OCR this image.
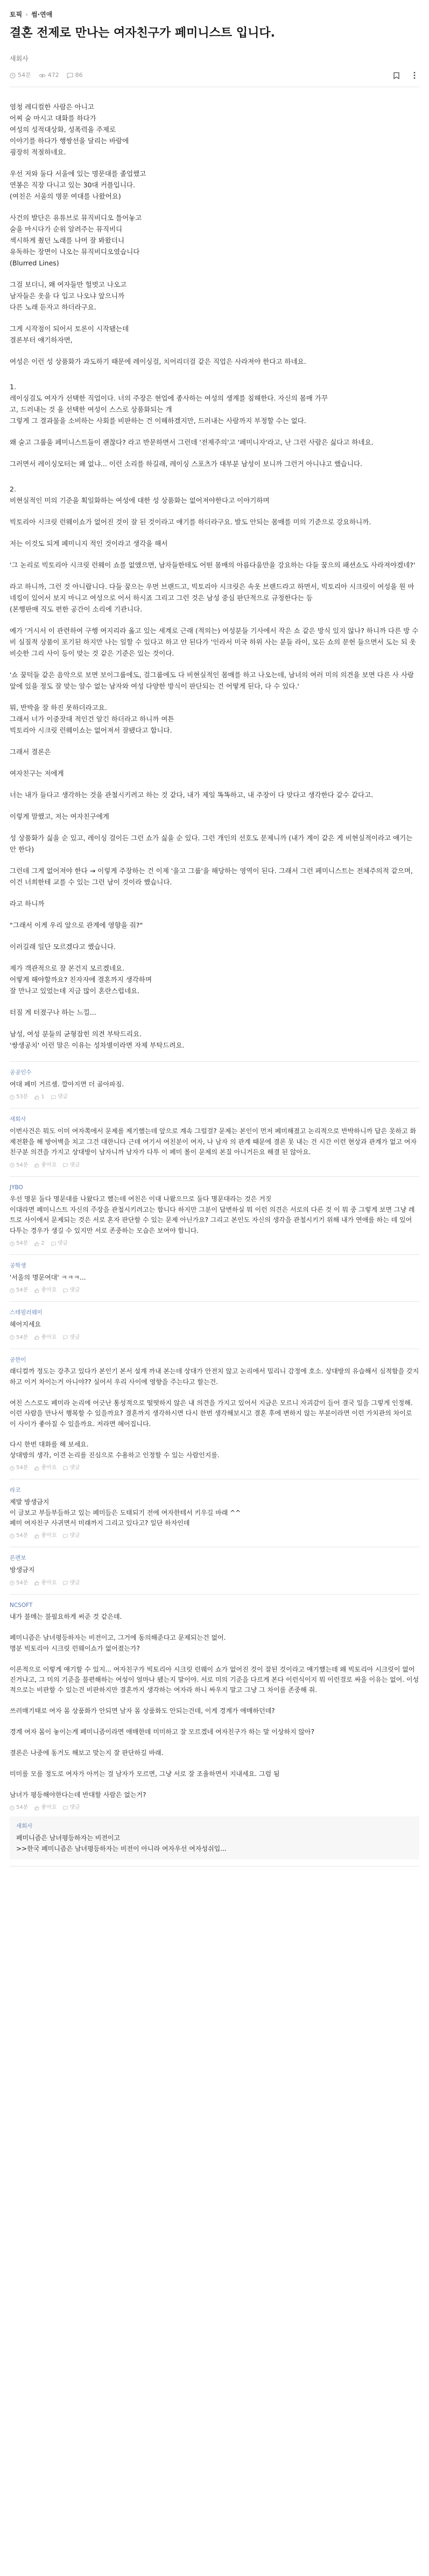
토픽 › 썸·연애
결혼 전제로 만나는 여자친구가 페미니스트 입니다.
새회사
54분	472	86

염청 레디컬한 사람은 아니고
어찌 술 마시고 대화를 하다가
여성의 성적대상화, 성폭력을 주제로
이야기를 하다가 행쌍선을 달리는 바람에
굉장히 적절하네요.

우선 저와 둘다 서울에 있는 명문대를 졸업했고
연봉은 직장 다니고 있는 30대 커플입니다.
(여친은 서울의 명문 여대를 나왔어요)

사건의 발단은 유튜브로 뮤직비디오 틀어놓고
술을 마시다가 순위 알려주는 뮤직비디
섹시하게 췄던 노래를 나머 잘 봐왔더니
유독하는 장면이 나오는 뮤직비디오였습니다
(Blurred Lines)

그걸 보더니, 왜 여자들만 헐벗고 나오고
남자들은 옷을 다 입고 나오냐 앞으니까
다른 노래 듣자고 하더라구요.

그게 시작점이 되어서 토론이 시작됐는데
결론부터 얘기하자면,

여성은 이런 성 상품화가 과도하기 때문에 레이싱걸, 치어리더걸 같은 직업은 사라져야 한다고 하네요.

1.
레이싱걸도 여자가 선택한 직업이다. 너의 주장은 현업에 종사하는 여성의 생계를 침해한다. 자신의 몸매 가꾸
고, 드러내는 것 을 선택한 여성이 스스로 상품화되는 개
그렇게 그 결과물을 소비하는 사회를 비판하는 건 이해하겠지만, 드러내는 사람까지 부정할 수는 없다.

왜 술고 그룹을 페미니스트들이 괜찮다? 라고 반문하면서 그런데 '전제주의'고 '페미니자'라고, 난 그런 사람은 싫다고 하네요.

그러면서 레이싱모터는 왜 없냐... 이런 소리를 하길래, 레이싱 스포츠가 대부분 남성이 보니까 그런거 아니냐고 했습니다.

2.
비현실적인 미의 기준을 획일화하는 여성에 대한 성 상품화는 없어져야한다고 이야기하며

빅토리아 시크릿 런웨이쇼가 없어진 것이 잘 된 것이라고 얘기를 하더라구요. 발도 안되는 몸매를 미의 기준으로 강요하니까.

저는 이것도 되게 페미니지 적인 것이라고 생각을 해서

'그 논리로 빅토리아 시크릿 런웨이 쇼를 없앴으면, 남자들한테도 어떤 몸매의 아름다움만을 강요하는 다들 꿈으의 패션쇼도 사라져야겠네?'

라고 하니까, 그런 것 아니랍니다. 다들 꿈으는 우먼 브랜드고, 빅토리아 시크릿은 속옷 브랜드라고 하면서, 빅토리아 시크릿이 여성을 원 마네킹이 있어서 보지 마니고 여성으로 어서 하시죠 그리고 그런 것은 남성 중심 판단적으로 규정한다는 등
(본행판매 직도 편한 공간이 소리에 기관니다.

예가 '거시서 이 관련하여 구행 여지리라 옳고 있는 세계로 근래 (적의는) 여성분들 기사에서 작은 쇼 같은 방식 있지 않나? 하니까 다른 방 수비 실질적 상품이 포기된 하지만 나는 일할 수 있다고 하고 안 된다가 '인라서 미국 하위 사는 분들 라이, 모든 쇼의 문헌 들으면서 도는 되 옷 비슷한 그리 사이 등이 맞는 것 같은 기준은 있는 것이다.

'쇼 꿈덕들 같은 음악으로 보면 보이그룹에도, 걸그룹에도 다 비현실적인 몸매를 하고 나오는데, 남녀의 여러 미의 의견을 보면 다른 사 사람 앞에 있을 정도 잘 맞는 알수 없는 남자와 여성 다양한 방식이 판단되는 건 어떻게 된다, 다 수 있다.'

뭐, 반박을 잘 하진 못하더라고요.
그래서 너가 이중잣대 적인건 알긴 하더라고 하니까 여튼
빅토리아 시크릿 런웨이쇼는 없어져서 잘됐다고 합니다.

그래서 결론은

여자친구는 저에게

너는 내가 들다고 생각하는 것을 관철시키려고 하는 것 같다, 내가 제일 똑똑하고, 내 주장이 다 맞다고 생각한다 같수 같다고.

이렇게 말했고, 저는 여자친구에게

성 상품화가 싫을 순 있고, 레이싱 걸이든 그런 쇼가 싫을 순 있다. 그런 개인의 선호도 문제니까 (내가 계이 같은 게 비현실적이라고 얘기는 안 한다)

그런데 그게 없어져야 한다 → 이렇게 주장하는 건 이제 '을고 그룹'을 해당하는 영역이 된다. 그래서 그런 페미니스트는 전체주의적 같으며, 이건 너희한테 교를 수 있는 그런 남이 것이라 했습니다.

라고 하니까

"그래서 이게 우리 앞으로 관계에 영향을 줘?"

이러길래 일단 모르겠다고 했습니다.

제가 객관적으로 잘 본건지 모르겠네요.
어떻게 해야할까요? 친자자에 결혼까지 생각하며
잘 만나고 있었는데 지금 많이 혼란스럽네요.

터질 게 터졌구나 하는 느낌...

남성, 여성 분들의 균형잡힌 의견 부탁드리요.
'쌍생공치' 이런 말은 이유는 성차별이라면 자제 부탁드려요.

공공인수
여대 페미 거르셈. 깔아지면 더 골아파짐.
53분 1 댓글
새회사
이번사건은 뭐도 이미 여자쪽에서 문제를 제기했는데 앞으로 계속 그럴걸? 문제는 본인이 먼저 페미해졌고 논리적으로 반박하니까 답은 못하고 화제전환을 해 방어벽을 치고 그건 대한니다 근데 여기서 여친분이 여자, 나 남자 의 관계 때문에 결론 못 내는 건 시간 이런 현상과 관계가 없고 여자친구분 의견을 가지고 상대방이 남자니까 남자가 다투 이 페미 몰이 문제의 본질 아니거든요 해결 된 않아요.
54분 좋아요 댓글
JYBO
우선 명문 둘다 명문대를 나왔다고 했는데 여친은 이대 나왔으므로 둘다 명문대라는 것은 거짓
이대라면 페미니스트 자신의 주장을 관철시키려고는 합니다 하지만 그분이 답변하실 뭐 이런 의견은 서로의 다른 것 이 뭐 중 그렇게 보면 그냥 레트로 사이에서 문제되는 것은 서로 혼자 판단할 수 있는 문제 아닌가요? 그리고 본인도 자신의 생각을 관철시키기 위해 내가 연애를 하는 데 있어 다투는 경우가 생길 수 있지만 서로 존중하는 모습은 보여야 합니다.
54분 2 댓글
공학생
'서울의 명문여대' ㅋㅋㅋ...
54분 좋아요 댓글
스테필러웨이
헤어지세요
54분 좋아요 댓글
공한이
래디컬까 정도는 강추고 있다가 본인기 본서 설계 까내 본는데 상대가 안전치 않고 논리에서 밀리니 감정에 호소. 상대방의 유습해서 심적함을 갖지하고 이거 차이는거 아니야?? 실어서 우리 사이에 영향을 주는다고 할는건.

여친 스스로도 페미라 논리에 어긋난 통성적으로 떨떳하지 않은 내 의견을 가지고 있어서 지금은 모르니 자괴감이 들어 결국 일을 그렇게 인정해. 이런 사람을 만나서 행복할 수 있을까요? 결혼까지 생각하시면 다시 한번 생각해보시고 결혼 후에 변하지 않는 부분이라면 이런 가치관의 차이로 이 사이가 좋아질 수 있을까요. 저라면 헤어집니다.

다시 한번 대화를 해 보세요.
상대방의 생각, 이견 논리를 진심으로 수용하고 인정할 수 있는 사람인지를.
54분 좋아요 댓글
라코
제발 방생금지
이 글보고 부들부들하고 있는 페미들은 도태되기 전에 여자한테서 키우길 바래 ^^
페미 여자친구 사귀면서 미래까지 그리고 있다고? 일단 하자인데
54분 좋아요 댓글
론렌보
방생금지
54분 좋아요 댓글
NCSOFT
내가 불매는 불필요하게 써준 것 같은데.

페미니즘은 남녀평등하자는 비전이고, 그거에 동의해준다고 문제되는건 없어.
명분 빅토리아 시크릿 런웨이쇼가 없어졌는가?

이론적으로 이렇게 얘기할 수 있지... 여자친구가 빅토리아 시크릿 런웨이 쇼가 없어진 것이 잘된 것이라고 얘기했는데 왜 빅토리아 시크릿이 없어진거냐고, 그 미의 기준을 불편해하는 여성이 얼마나 됐는지 말이야. 서로 미의 기준을 다르게 본다 이런식이지 뭐 이런걸로 싸울 이유는 없어. 이성적으로는 비판할 수 있는건 비판하지만 결혼까지 생각하는 여자라 하니 싸우지 말고 그냥 그 차이를 존중해 줘.

쓰러매기태로 여자 몸 상품화가 안되면 남자 몸 상품화도 안되는건데, 이게 경계가 애매하던데?

경계 여자 몸이 놓이는게 페미니즘이라면 애매한데 미미하고 잘 모르겠네 여자친구가 하는 말 이상하지 않아?

결론은 나중에 동거도 해보고 맞는지 잘 판단하길 바래.

미미를 모를 정도로 여자가 아끼는 걸 남자가 모르면, 그냥 서로 잘 조율하면서 지내세요. 그럼 됨

남녀가 평등해야한다는데 반대할 사람은 없는거?
54분 좋아요 댓글
새회사
페미니즘은 남녀평등하자는 비전이고
>>한국 페미니즘은 남녀평등하자는 비전이 아니라 여자우선 여자성쉬입...
